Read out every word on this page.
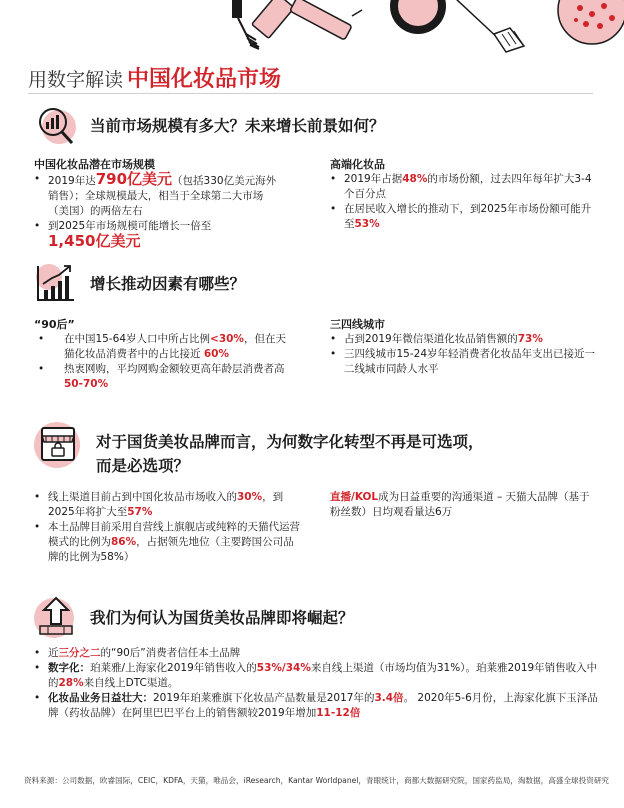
用数字解读 中国化妆品市场
当前市场规模有多大？未来增长前景如何？
中国化妆品潜在市场规模
• 2019年达790亿美元（包括330亿美元海外销售）；全球规模最大，相当于全球第二大市场（美国）的两倍左右
• 到2025年市场规模可能增长一倍至
1,450亿美元
高端化妆品
• 2019年占据48%的市场份额，过去四年每年扩大3-4个百分点
• 在居民收入增长的推动下，到2025年市场份额可能升至53%
增长推动因素有哪些？
“90后”
• 在中国15-64岁人口中所占比例<30%，但在天猫化妆品消费者中的占比接近 60%
• 热衷网购，平均网购金额较更高年龄层消费者高50-70%
三四线城市
• 占到2019年微信渠道化妆品销售额的73%
• 三四线城市15-24岁年轻消费者化妆品年支出已接近一二线城市同龄人水平
对于国货美妆品牌而言，为何数字化转型不再是可选项，
而是必选项？
• 线上渠道目前占到中国化妆品市场收入的30%，到2025年将扩大至57%
• 本土品牌目前采用自营线上旗舰店或纯粹的天猫代运营模式的比例为86%，占据领先地位（主要跨国公司品牌的比例为58%）
直播/KOL成为日益重要的沟通渠道 – 天猫大品牌（基于粉丝数）日均观看量达6万
我们为何认为国货美妆品牌即将崛起？
• 近三分之二的“90后”消费者信任本土品牌
• 数字化：珀莱雅/上海家化2019年销售收入的53%/34%来自线上渠道（市场均值为31%）。珀莱雅2019年销售收入中的28%来自线上DTC渠道。
• 化妆品业务日益壮大：2019年珀莱雅旗下化妆品产品数量是2017年的3.4倍。 2020年5-6月份，上海家化旗下玉泽品牌（药妆品牌）在阿里巴巴平台上的销售额较2019年增加11-12倍
资料来源：公司数据，欧睿国际，CEIC，KDFA，天猫，唯品会，iResearch，Kantar Worldpanel，青眼统计，商都大数据研究院，国家药监局，淘数据，高盛全球投资研究
